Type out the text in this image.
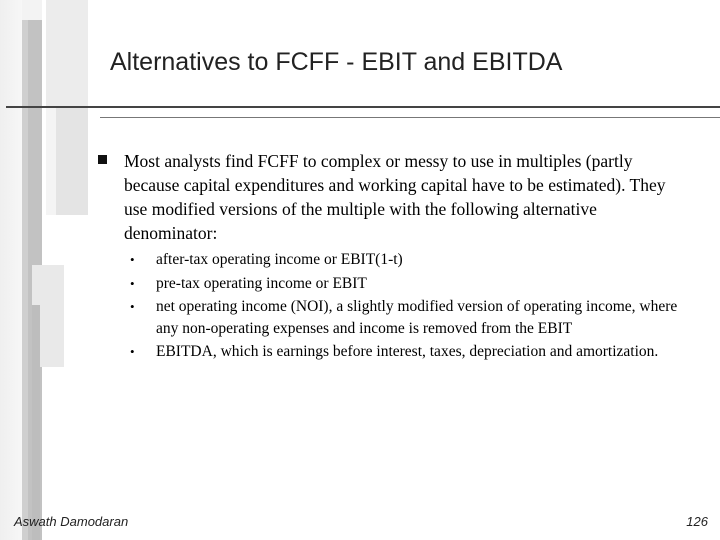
Alternatives to FCFF - EBIT and EBITDA

Most analysts find FCFF to complex or messy to use in multiples (partly because capital expenditures and working capital have to be estimated). They use modified versions of the multiple with the following alternative denominator:

• after-tax operating income or EBIT(1-t)
• pre-tax operating income or EBIT
• net operating income (NOI), a slightly modified version of operating income, where any non-operating expenses and income is removed from the EBIT
• EBITDA, which is earnings before interest, taxes, depreciation and amortization.
Aswath Damodaran	126
